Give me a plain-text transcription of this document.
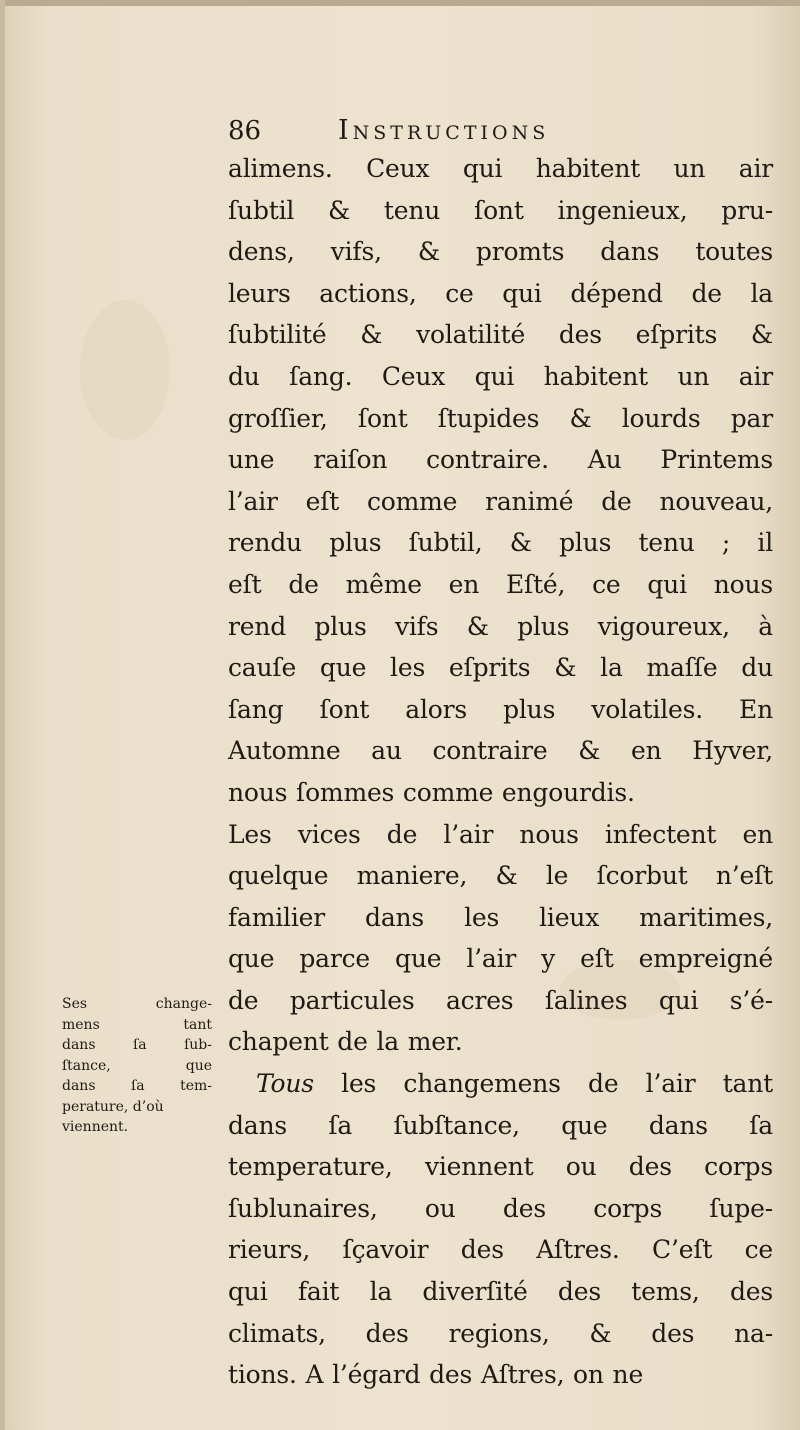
86	Instructions
alimens. Ceux qui habitent un air
ſubtil & tenu ſont ingenieux, pru-
dens, vifs, & promts dans toutes
leurs actions, ce qui dépend de la
ſubtilité & volatilité des eſprits &
du ſang. Ceux qui habitent un air
groſſier, ſont ſtupides & lourds par
une raiſon contraire. Au Printems
l’air eſt comme ranimé de nouveau,
rendu plus ſubtil, & plus tenu ; il
eſt de même en Eſté, ce qui nous
rend plus vifs & plus vigoureux, à
cauſe que les eſprits & la maſſe du
ſang ſont alors plus volatiles. En
Automne au contraire & en Hyver,
nous ſommes comme engourdis.
Les vices de l’air nous infectent en
quelque maniere, & le ſcorbut n’eſt
familier dans les lieux maritimes,
que parce que l’air y eſt empreigné
de particules acres ſalines qui s’é-
chapent de la mer.
Tous les changemens de l’air tant
dans ſa ſubſtance, que dans ſa
temperature, viennent ou des corps
ſublunaires, ou des corps ſupe-
rieurs, ſçavoir des Aſtres. C’eſt ce
qui fait la diverſité des tems, des
climats, des regions, & des na-
tions. A l’égard des Aſtres, on ne
Ses change-
mens tant
dans ſa ſub-
ſtance, que
dans ſa tem-
perature, d’où
viennent.
